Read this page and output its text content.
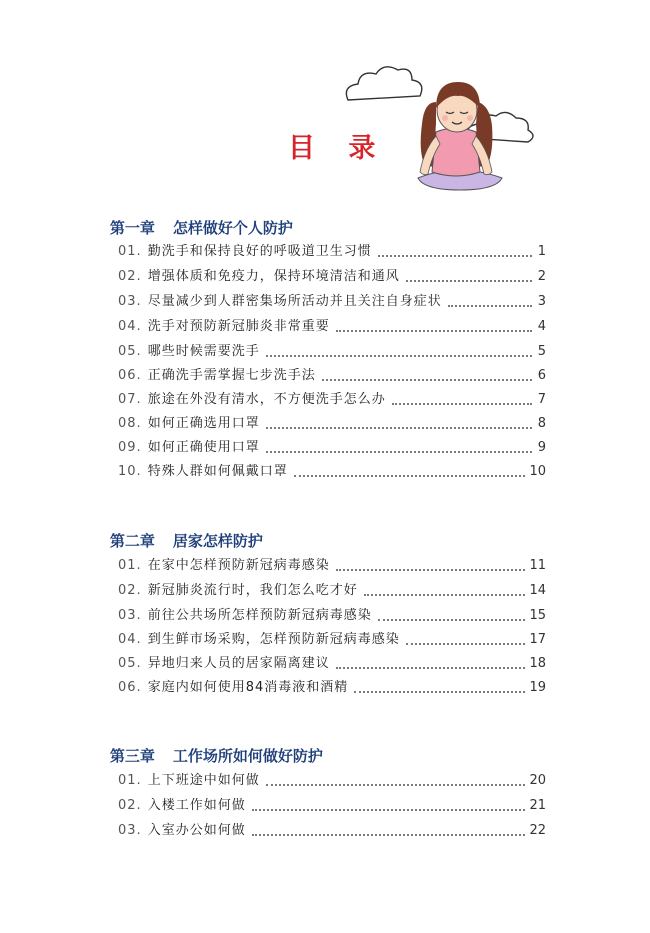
目 录

第一章 怎样做好个人防护

01. 勤洗手和保持良好的呼吸道卫生习惯	1
02. 增强体质和免疫力，保持环境清洁和通风	2
03. 尽量减少到人群密集场所活动并且关注自身症状	3
04. 洗手对预防新冠肺炎非常重要	4
05. 哪些时候需要洗手	5
06. 正确洗手需掌握七步洗手法	6
07. 旅途在外没有清水，不方便洗手怎么办	7
08. 如何正确选用口罩	8
09. 如何正确使用口罩	9
10. 特殊人群如何佩戴口罩	10

第二章 居家怎样防护

01. 在家中怎样预防新冠病毒感染	11
02. 新冠肺炎流行时，我们怎么吃才好	14
03. 前往公共场所怎样预防新冠病毒感染	15
04. 到生鲜市场采购，怎样预防新冠病毒感染	17
05. 异地归来人员的居家隔离建议	18
06. 家庭内如何使用84消毒液和酒精	19

第三章 工作场所如何做好防护

01. 上下班途中如何做	20
02. 入楼工作如何做	21
03. 入室办公如何做	22
